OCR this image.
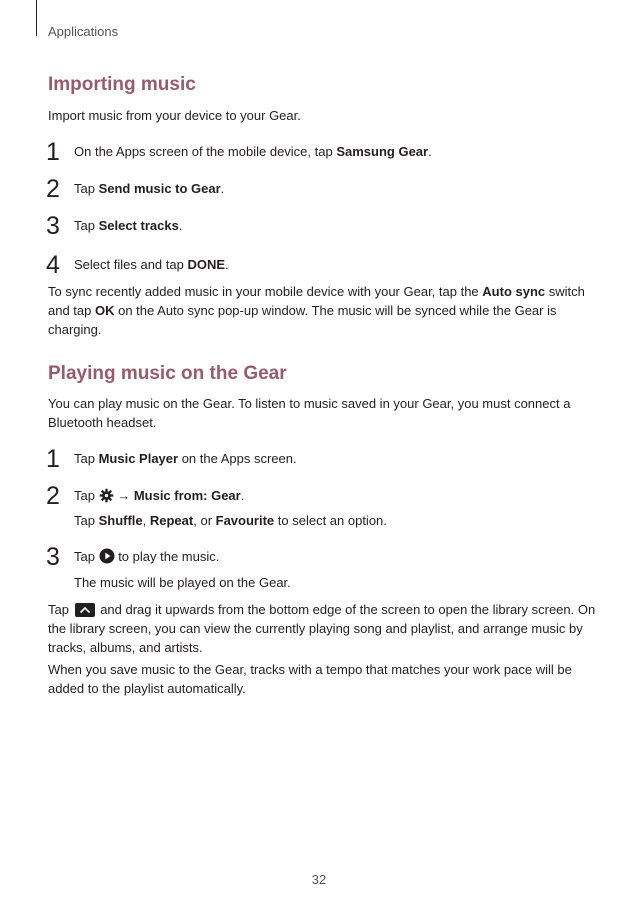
Applications
Importing music
Import music from your device to your Gear.
1 On the Apps screen of the mobile device, tap Samsung Gear.
2 Tap Send music to Gear.
3 Tap Select tracks.
4 Select files and tap DONE.
To sync recently added music in your mobile device with your Gear, tap the Auto sync switch and tap OK on the Auto sync pop-up window. The music will be synced while the Gear is charging.
Playing music on the Gear
You can play music on the Gear. To listen to music saved in your Gear, you must connect a Bluetooth headset.
1 Tap Music Player on the Apps screen.
2 Tap  → Music from: Gear.
Tap Shuffle, Repeat, or Favourite to select an option.
3 Tap  to play the music.
The music will be played on the Gear.
Tap  and drag it upwards from the bottom edge of the screen to open the library screen. On the library screen, you can view the currently playing song and playlist, and arrange music by tracks, albums, and artists.
When you save music to the Gear, tracks with a tempo that matches your work pace will be added to the playlist automatically.
32
